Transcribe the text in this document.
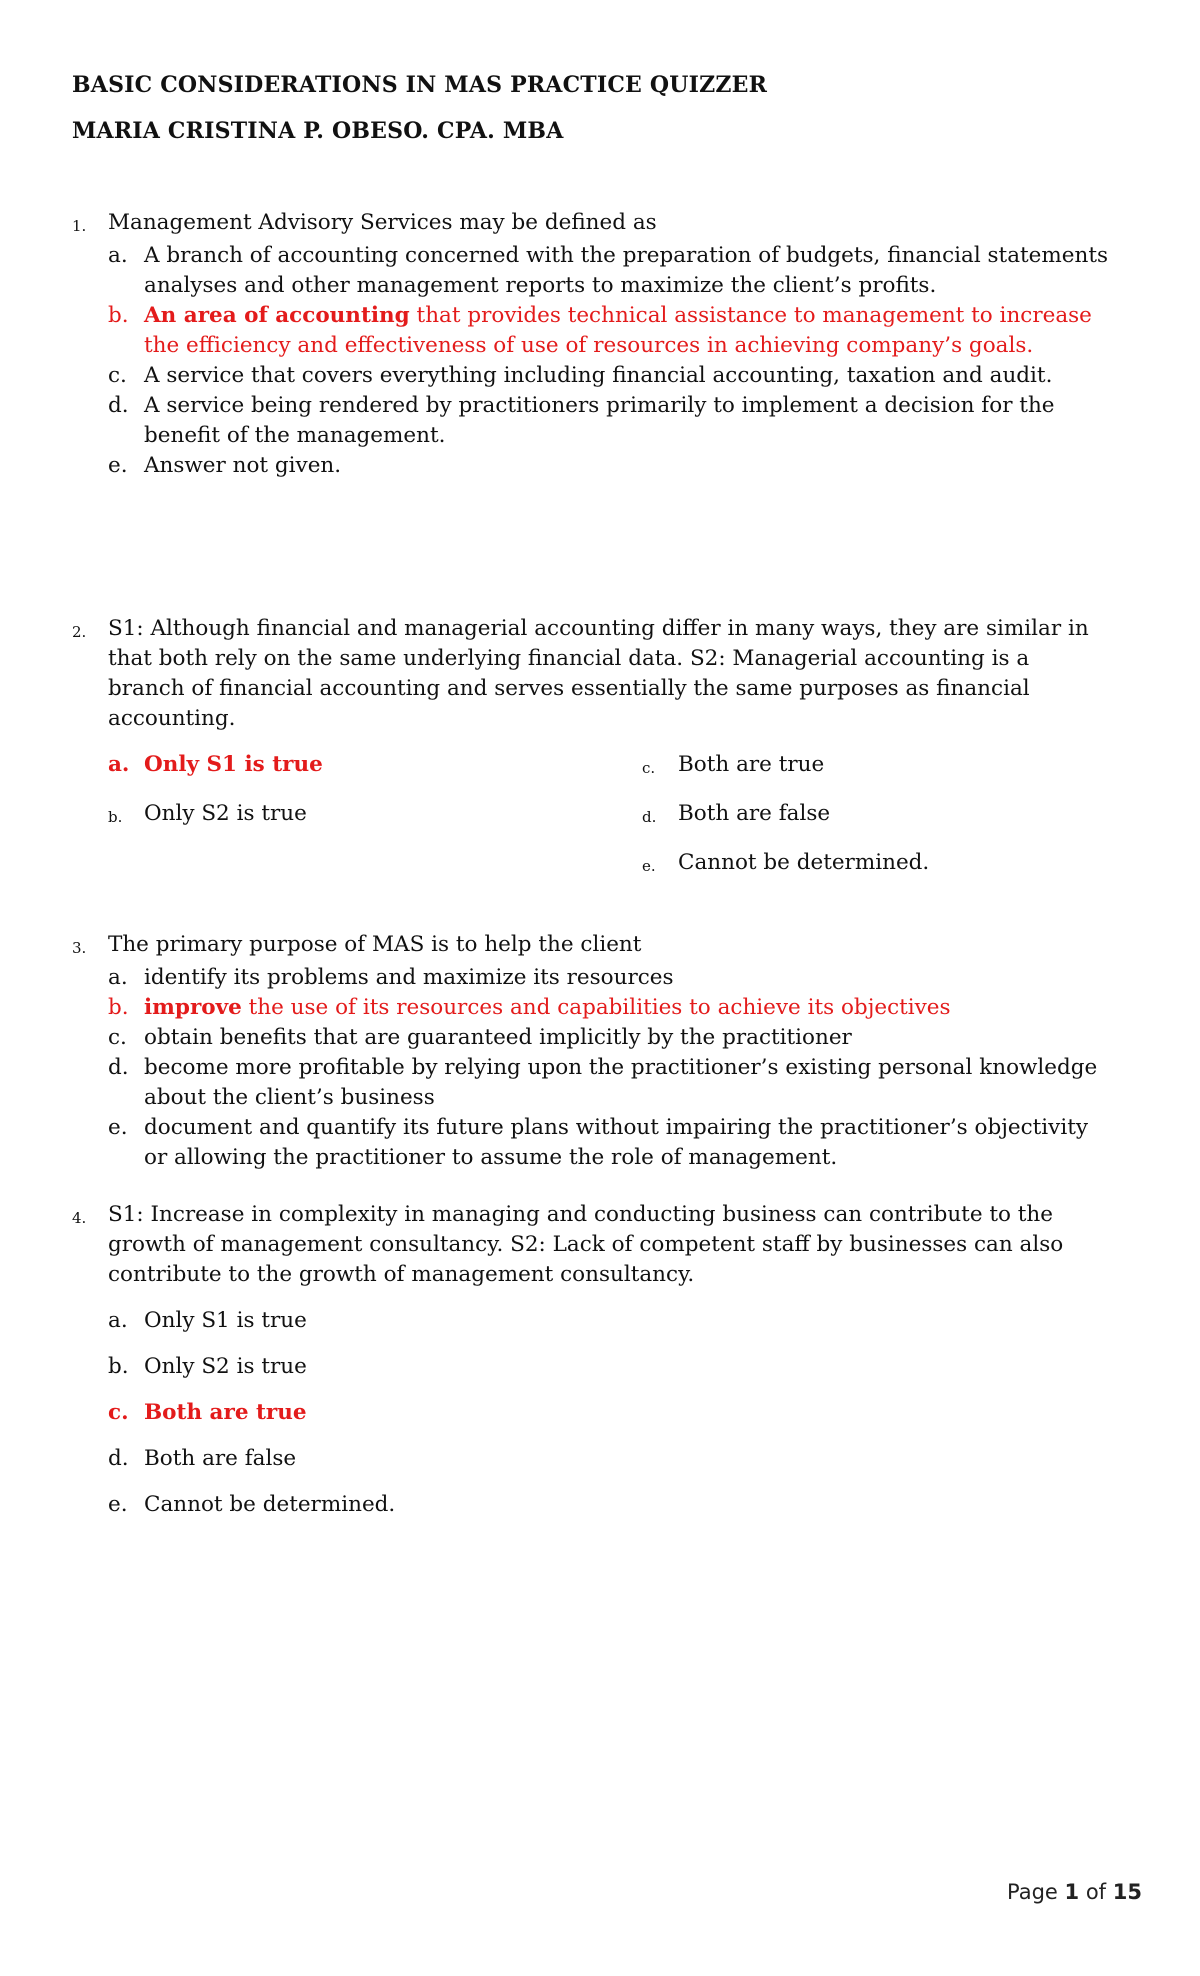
BASIC CONSIDERATIONS IN MAS PRACTICE QUIZZER
MARIA CRISTINA P. OBESO. CPA. MBA
1.	Management Advisory Services may be defined as
a. A branch of accounting concerned with the preparation of budgets, financial statements analyses and other management reports to maximize the client’s profits.
b. An area of accounting that provides technical assistance to management to increase the efficiency and effectiveness of use of resources in achieving company’s goals.
c. A service that covers everything including financial accounting, taxation and audit.
d. A service being rendered by practitioners primarily to implement a decision for the benefit of the management.
e. Answer not given.
2.	S1: Although financial and managerial accounting differ in many ways, they are similar in that both rely on the same underlying financial data. S2: Managerial accounting is a branch of financial accounting and serves essentially the same purposes as financial accounting.
a. Only S1 is true	c.	Both are true
b.	Only S2 is true	d.	Both are false
e.	Cannot be determined.
3.	The primary purpose of MAS is to help the client
a. identify its problems and maximize its resources
b. improve the use of its resources and capabilities to achieve its objectives
c. obtain benefits that are guaranteed implicitly by the practitioner
d. become more profitable by relying upon the practitioner’s existing personal knowledge about the client’s business
e. document and quantify its future plans without impairing the practitioner’s objectivity or allowing the practitioner to assume the role of management.
4.	S1: Increase in complexity in managing and conducting business can contribute to the growth of management consultancy. S2: Lack of competent staff by businesses can also contribute to the growth of management consultancy.
a. Only S1 is true
b. Only S2 is true
c. Both are true
d. Both are false
e. Cannot be determined.
Page 1 of 15
